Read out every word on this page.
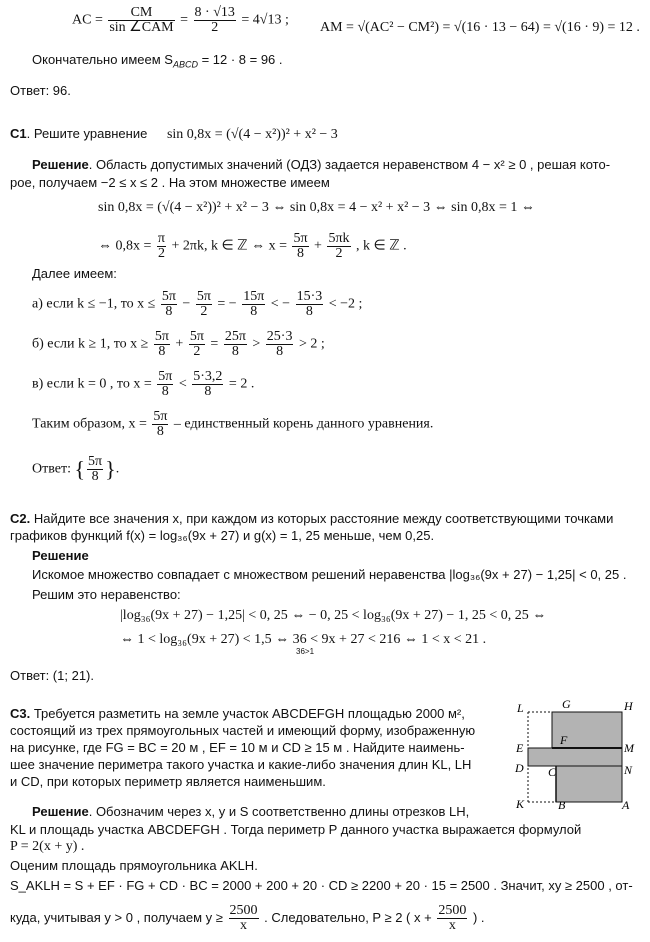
AC = $\frac{CM}{\text{sin ∠CAM}} = \frac{8 \cdot √13}{2} = 4√13$ ; AM = √(AC² − CM²) = √(16 · 13 − 64) = √(16 · 9) = 12 .
Окончательно имеем $S_{ABCD} = 12 \cdot 8 = 96$ .
Ответ: 96.
С1. Решите уравнение sin 0,8x = (√(4 − x²))² + x² − 3
Решение. Область допустимых значений (ОДЗ) задается неравенством 4 − x² ≥ 0 , решая кото-
рое, получаем −2 ≤ x ≤ 2 . На этом множестве имеем
sin 0,8x = (√(4 − x²))² + x² − 3 ⇔ sin 0,8x = 4 − x² + x² − 3 ⇔ sin 0,8x = 1 ⇔
⇔ $0,8x = \frac{\pi}{2} + 2\pi k$, k ∈ ℤ ⇔ $x = \frac{5\pi}{8} + \frac{5\pi k}{2}$ , k ∈ ℤ .
Далее имеем:
а) если k ≤ −1, то $x \le \frac{5\pi}{8} - \frac{5\pi}{2}$ = − $\frac{15\pi}{8}$ < − $\frac{15\cdot 3}{8} < -2$ ;
б) если k ≥ 1, то $x \ge \frac{5\pi}{8} + \frac{5\pi}{2} = \frac{25\pi}{8} > \frac{25\cdot 3}{8} > 2$ ;
в) если k = 0 , то $x = \frac{5\pi}{8} < \frac{5\cdot 3,2}{8} = 2$ .
Таким образом, $x = \frac{5\pi}{8}$ – единственный корень данного уравнения.
Ответ: { $\frac{5\pi}{8}$ }.
С2. Найдите все значения x, при каждом из которых расстояние между соответствующими точками
графиков функций f(x) = log₃₆(9x + 27) и g(x) = 1, 25 меньше, чем 0,25.
Решение
Искомое множество совпадает с множеством решений неравенства |log₃₆(9x + 27) − 1,25| < 0, 25 .
Решим это неравенство:
|log₃₆(9x + 27) − 1,25| < 0, 25 ⇔ − 0, 25 < log₃₆(9x + 27) − 1, 25 < 0, 25 ⇔
⇔ 1 < log₃₆(9x + 27) < 1,5 ⇔ 36 < 9x + 27 < 216 ⇔ 1 < x < 21 .
36>1
Ответ: (1; 21).
С3. Требуется разметить на земле участок ABCDEFGH площадью 2000 м²,
состоящий из трех прямоугольных частей и имеющий форму, изображенную
на рисунке, где FG = BC = 20 м , EF = 10 м и CD ≥ 15 м . Найдите наимень-
шее значение периметра такого участка и какие-либо значения длин KL, LH
и CD, при которых периметр является наименьшим.
L	G	H
F
E	M
D C	N
K	B	A
Решение. Обозначим через x, y и S соответственно длины отрезков LH,
KL и площадь участка ABCDEFGH . Тогда периметр P данного участка выражается формулой
P = 2(x + y) .
Оценим площадь прямоугольника AKLH.
S_AKLH = S + EF · FG + CD · BC = 2000 + 200 + 20 · CD ≥ 2200 + 20 · 15 = 2500 . Значит, xy ≥ 2500 , от-
куда, учитывая y > 0 , получаем $y \ge \frac{2500}{x}$ . Следовательно, P ≥ 2 ( $x + \frac{2500}{x}$ ) .
